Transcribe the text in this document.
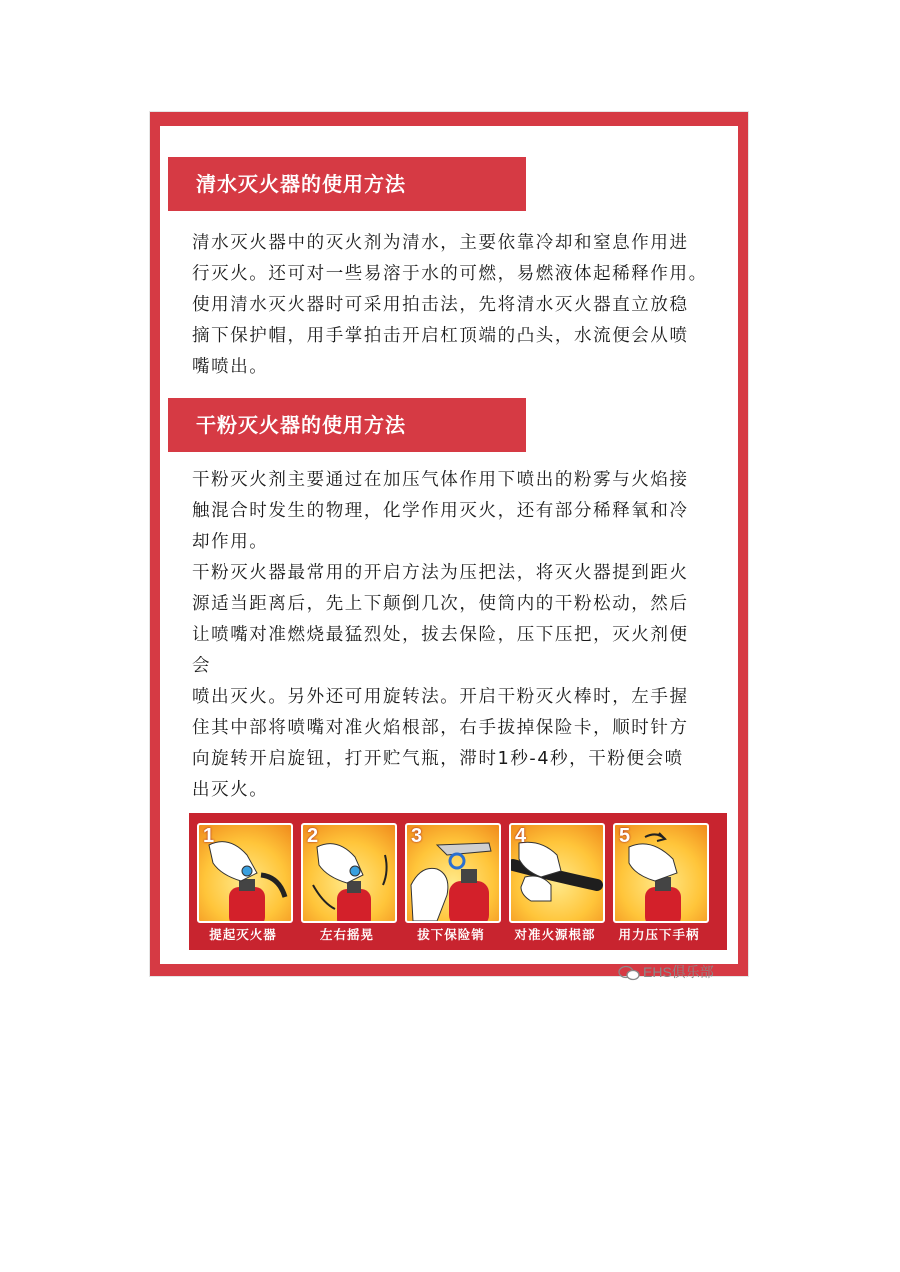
清水灭火器的使用方法
清水灭火器中的灭火剂为清水，主要依靠冷却和窒息作用进
行灭火。还可对一些易溶于水的可燃，易燃液体起稀释作用。
使用清水灭火器时可采用拍击法，先将清水灭火器直立放稳
摘下保护帽，用手掌拍击开启杠顶端的凸头，水流便会从喷
嘴喷出。
干粉灭火器的使用方法
干粉灭火剂主要通过在加压气体作用下喷出的粉雾与火焰接
触混合时发生的物理，化学作用灭火，还有部分稀释氧和冷
却作用。
干粉灭火器最常用的开启方法为压把法，将灭火器提到距火
源适当距离后，先上下颠倒几次，使筒内的干粉松动，然后
让喷嘴对准燃烧最猛烈处，拔去保险，压下压把，灭火剂便
会
喷出灭火。另外还可用旋转法。开启干粉灭火棒时，左手握
住其中部将喷嘴对准火焰根部，右手拔掉保险卡，顺时针方
向旋转开启旋钮，打开贮气瓶，滞时1秒-4秒，干粉便会喷
出灭火。
1
提起灭火器
2
左右摇晃
3
拔下保险销
4
对准火源根部
5
用力压下手柄
EHS俱乐部
